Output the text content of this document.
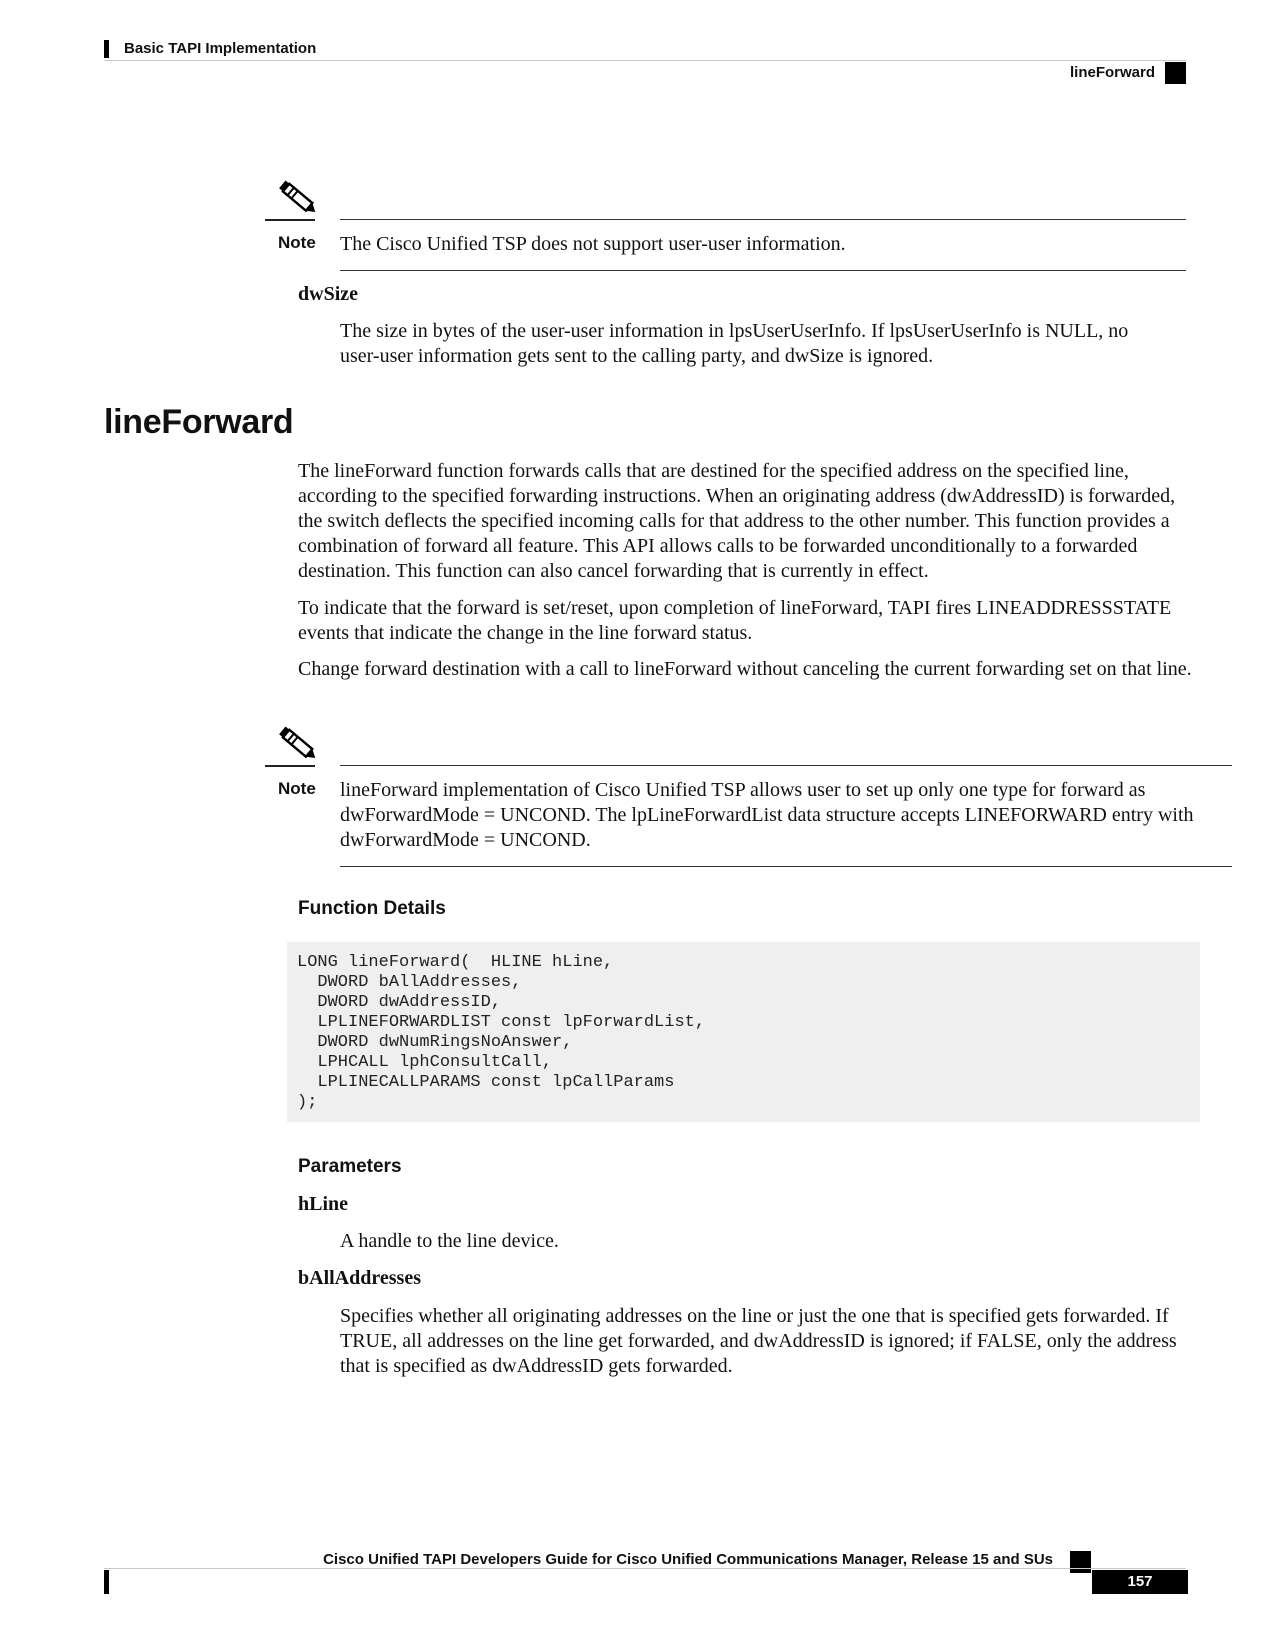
Basic TAPI Implementation
lineForward
Note The Cisco Unified TSP does not support user-user information.
dwSize
The size in bytes of the user-user information in lpsUserUserInfo. If lpsUserUserInfo is NULL, no user-user information gets sent to the calling party, and dwSize is ignored.
lineForward
The lineForward function forwards calls that are destined for the specified address on the specified line, according to the specified forwarding instructions. When an originating address (dwAddressID) is forwarded, the switch deflects the specified incoming calls for that address to the other number. This function provides a combination of forward all feature. This API allows calls to be forwarded unconditionally to a forwarded destination. This function can also cancel forwarding that is currently in effect.
To indicate that the forward is set/reset, upon completion of lineForward, TAPI fires LINEADDRESSSTATE events that indicate the change in the line forward status.
Change forward destination with a call to lineForward without canceling the current forwarding set on that line.
Note lineForward implementation of Cisco Unified TSP allows user to set up only one type for forward as dwForwardMode = UNCOND. The lpLineForwardList data structure accepts LINEFORWARD entry with dwForwardMode = UNCOND.
Function Details
LONG lineForward(  HLINE hLine,
DWORD bAllAddresses,
DWORD dwAddressID,
LPLINEFORWARDLIST const lpForwardList,
DWORD dwNumRingsNoAnswer,
LPHCALL lphConsultCall,
LPLINECALLPARAMS const lpCallParams
);
Parameters
hLine
A handle to the line device.
bAllAddresses
Specifies whether all originating addresses on the line or just the one that is specified gets forwarded. If TRUE, all addresses on the line get forwarded, and dwAddressID is ignored; if FALSE, only the address that is specified as dwAddressID gets forwarded.
Cisco Unified TAPI Developers Guide for Cisco Unified Communications Manager, Release 15 and SUs
157
